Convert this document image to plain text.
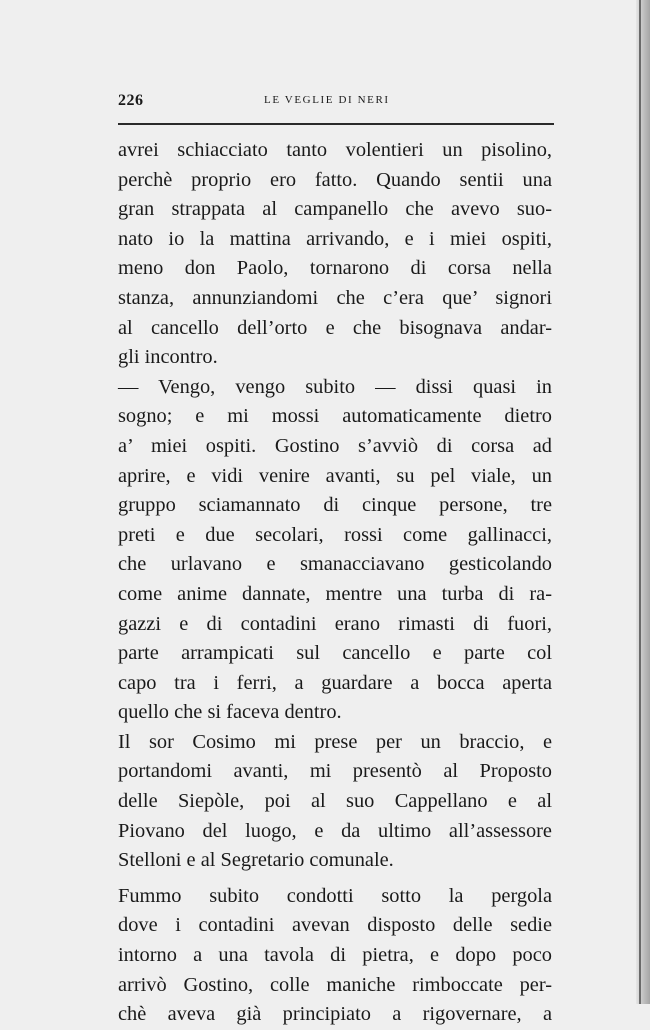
226	LE VEGLIE DI NERI
avrei schiacciato tanto volentieri un pisolino,
perchè proprio ero fatto. Quando sentii una
gran strappata al campanello che avevo suo-
nato io la mattina arrivando, e i miei ospiti,
meno don Paolo, tornarono di corsa nella
stanza, annunziandomi che c’era que’ signori
al cancello dell’orto e che bisognava andar-
gli incontro.
— Vengo, vengo subito — dissi quasi in
sogno; e mi mossi automaticamente dietro
a’ miei ospiti. Gostino s’avviò di corsa ad
aprire, e vidi venire avanti, su pel viale, un
gruppo sciamannato di cinque persone, tre
preti e due secolari, rossi come gallinacci,
che urlavano e smanacciavano gesticolando
come anime dannate, mentre una turba di ra-
gazzi e di contadini erano rimasti di fuori,
parte arrampicati sul cancello e parte col
capo tra i ferri, a guardare a bocca aperta
quello che si faceva dentro.
Il sor Cosimo mi prese per un braccio, e
portandomi avanti, mi presentò al Proposto
delle Siepòle, poi al suo Cappellano e al
Piovano del luogo, e da ultimo all’assessore
Stelloni e al Segretario comunale.
Fummo subito condotti sotto la pergola
dove i contadini avevan disposto delle sedie
intorno a una tavola di pietra, e dopo poco
arrivò Gostino, colle maniche rimboccate per-
chè aveva già principiato a rigovernare, a
